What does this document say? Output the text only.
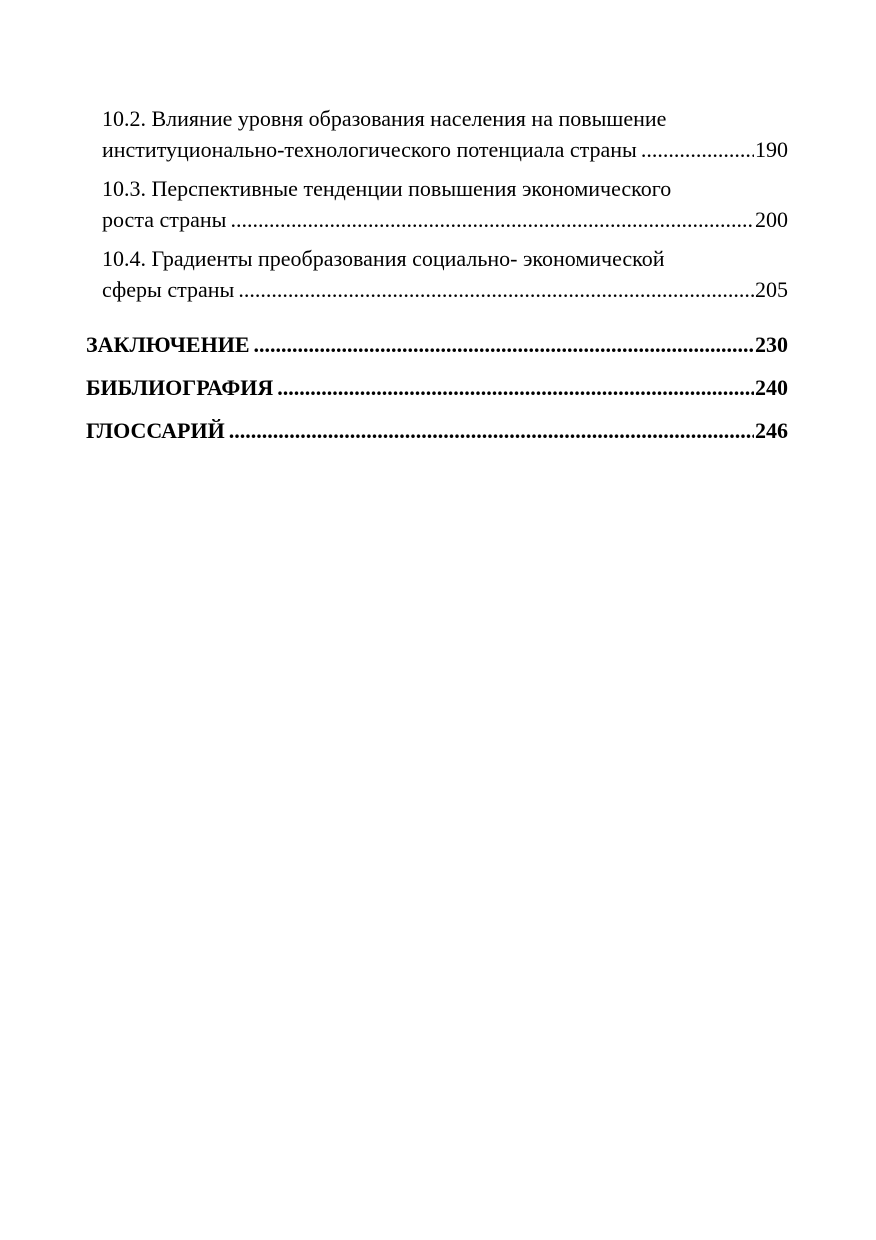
10.2. Влияние уровня образования населения на повышение
институционально-технологического потенциала страны .....	190
10.3. Перспективные тенденции повышения экономического
роста страны .....	200
10.4. Градиенты преобразования социально- экономической
сферы страны .....	205
ЗАКЛЮЧЕНИЕ .....	230
БИБЛИОГРАФИЯ .....	240
ГЛОССАРИЙ .....	246
